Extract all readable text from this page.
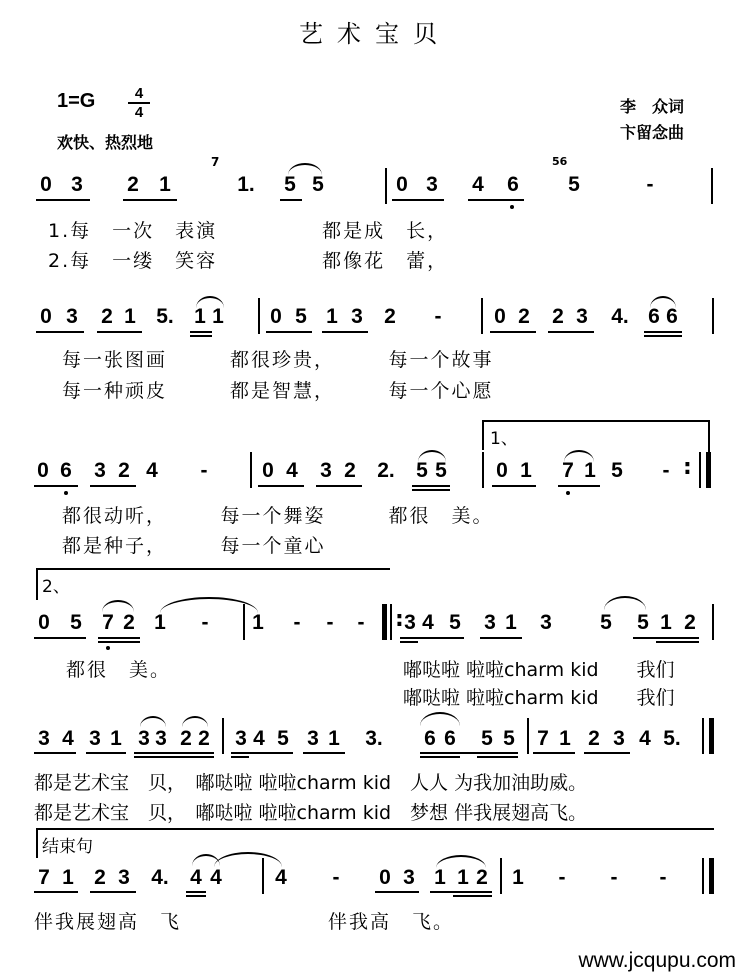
艺术宝贝
1=G	4
4
欢快、热烈地
李　众词
卞留念曲
0 3 2 1
7
1. 5 5	0 3 4 6
56
5	-
1.每　一次　表演　　　　　都是成　长，
2.每　一缕　笑容　　　　　都像花　蕾，
0 3 2 1 5. 1 1 0 5 1 3 2 -	0 2 2 3 4. 6 6
每一张图画　　　都很珍贵，　　　每一个故事
每一种顽皮　　　都是智慧，　　　每一个心愿
1、
0 6 3 2 4 -	0 4 3 2 2. 5 5 0 1 7 1 5 - :
都很动听，　　　每一个舞姿　　　都很　美。
都是种子，　　　每一个童心
2、
0 5 7 2 1 - 1 - - - : 3 4 5 3 1 3 5 5 1 2
都很　美。	嘟哒啦 啦啦charm kid　　我们
嘟哒啦 啦啦charm kid　　我们
3 4 3 1 3 3 2 2 3 4 5 3 1 3. 6 6 5 5 7 1 2 3 4 5.
都是艺术宝　贝，　嘟哒啦 啦啦charm kid　人人 为我加油助威。
都是艺术宝　贝，　嘟哒啦 啦啦charm kid　梦想 伴我展翅高飞。
结束句
7 1 2 3 4. 4 4	4 - 0 3 1 1 2 1 - - -
伴我展翅高　飞　　　　　　　伴我高　飞。
www.jcqupu.com
